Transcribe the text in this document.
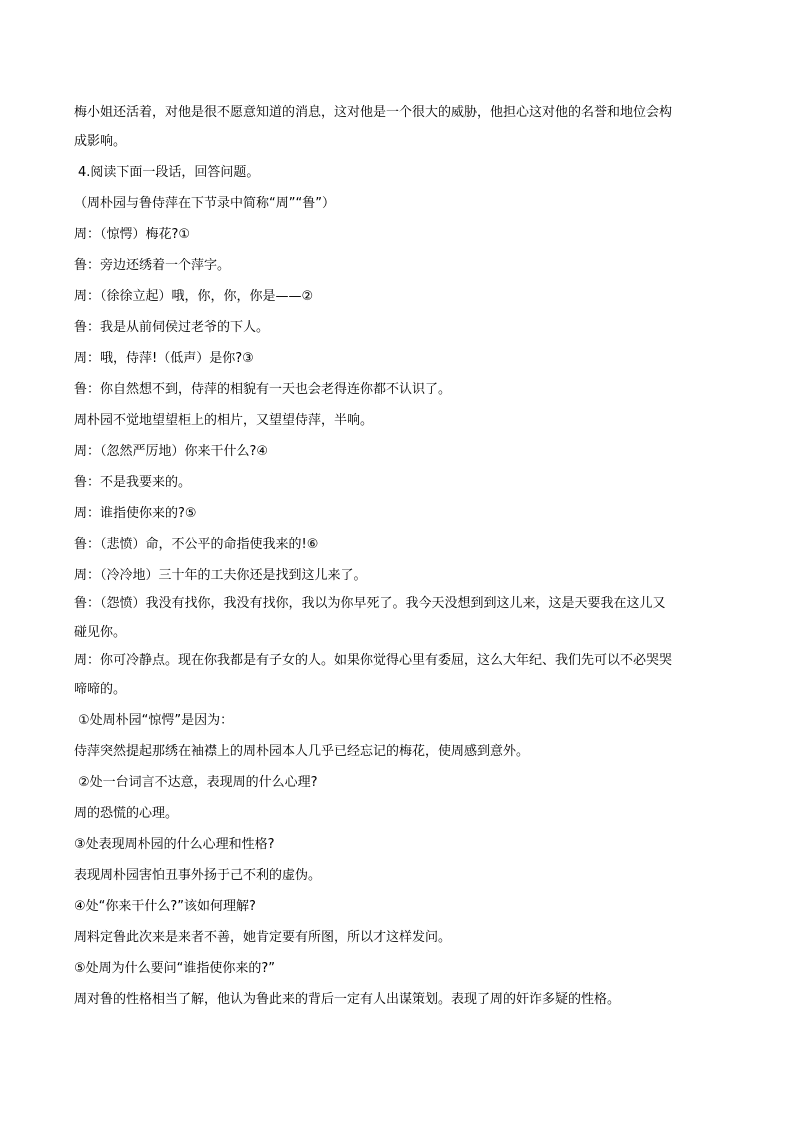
梅小姐还活着，对他是很不愿意知道的消息，这对他是一个很大的威胁，他担心这对他的名誉和地位会构
成影响。
4.阅读下面一段话，回答问题。
（周朴园与鲁侍萍在下节录中简称“周”“鲁”）
周：（惊愕）梅花?①
鲁：旁边还绣着一个萍字。
周：（徐徐立起）哦，你，你，你是——②
鲁：我是从前伺侯过老爷的下人。
周：哦，侍萍!（低声）是你?③
鲁：你自然想不到，侍萍的相貌有一天也会老得连你都不认识了。
周朴园不觉地望望柜上的相片，又望望侍萍，半响。
周：（忽然严厉地）你来干什么?④
鲁：不是我要来的。
周：谁指使你来的?⑤
鲁：（悲愤）命，不公平的命指使我来的!⑥
周：（冷冷地）三十年的工夫你还是找到这儿来了。
鲁：（怨愤）我没有找你，我没有找你，我以为你早死了。我今天没想到到这儿来，这是天要我在这儿又
碰见你。
周：你可冷静点。现在你我都是有子女的人。如果你觉得心里有委屈，这么大年纪、我们先可以不必哭哭
啼啼的。
①处周朴园“惊愕”是因为：
侍萍突然提起那绣在袖襟上的周朴园本人几乎已经忘记的梅花，使周感到意外。
②处一台词言不达意，表现周的什么心理?
周的恐慌的心理。
③处表现周朴园的什么心理和性格?
表现周朴园害怕丑事外扬于己不利的虚伪。
④处“你来干什么?”该如何理解?
周料定鲁此次来是来者不善，她肯定要有所图，所以才这样发问。
⑤处周为什么要问“谁指使你来的?”
周对鲁的性格相当了解，他认为鲁此来的背后一定有人出谋策划。表现了周的奸诈多疑的性格。
